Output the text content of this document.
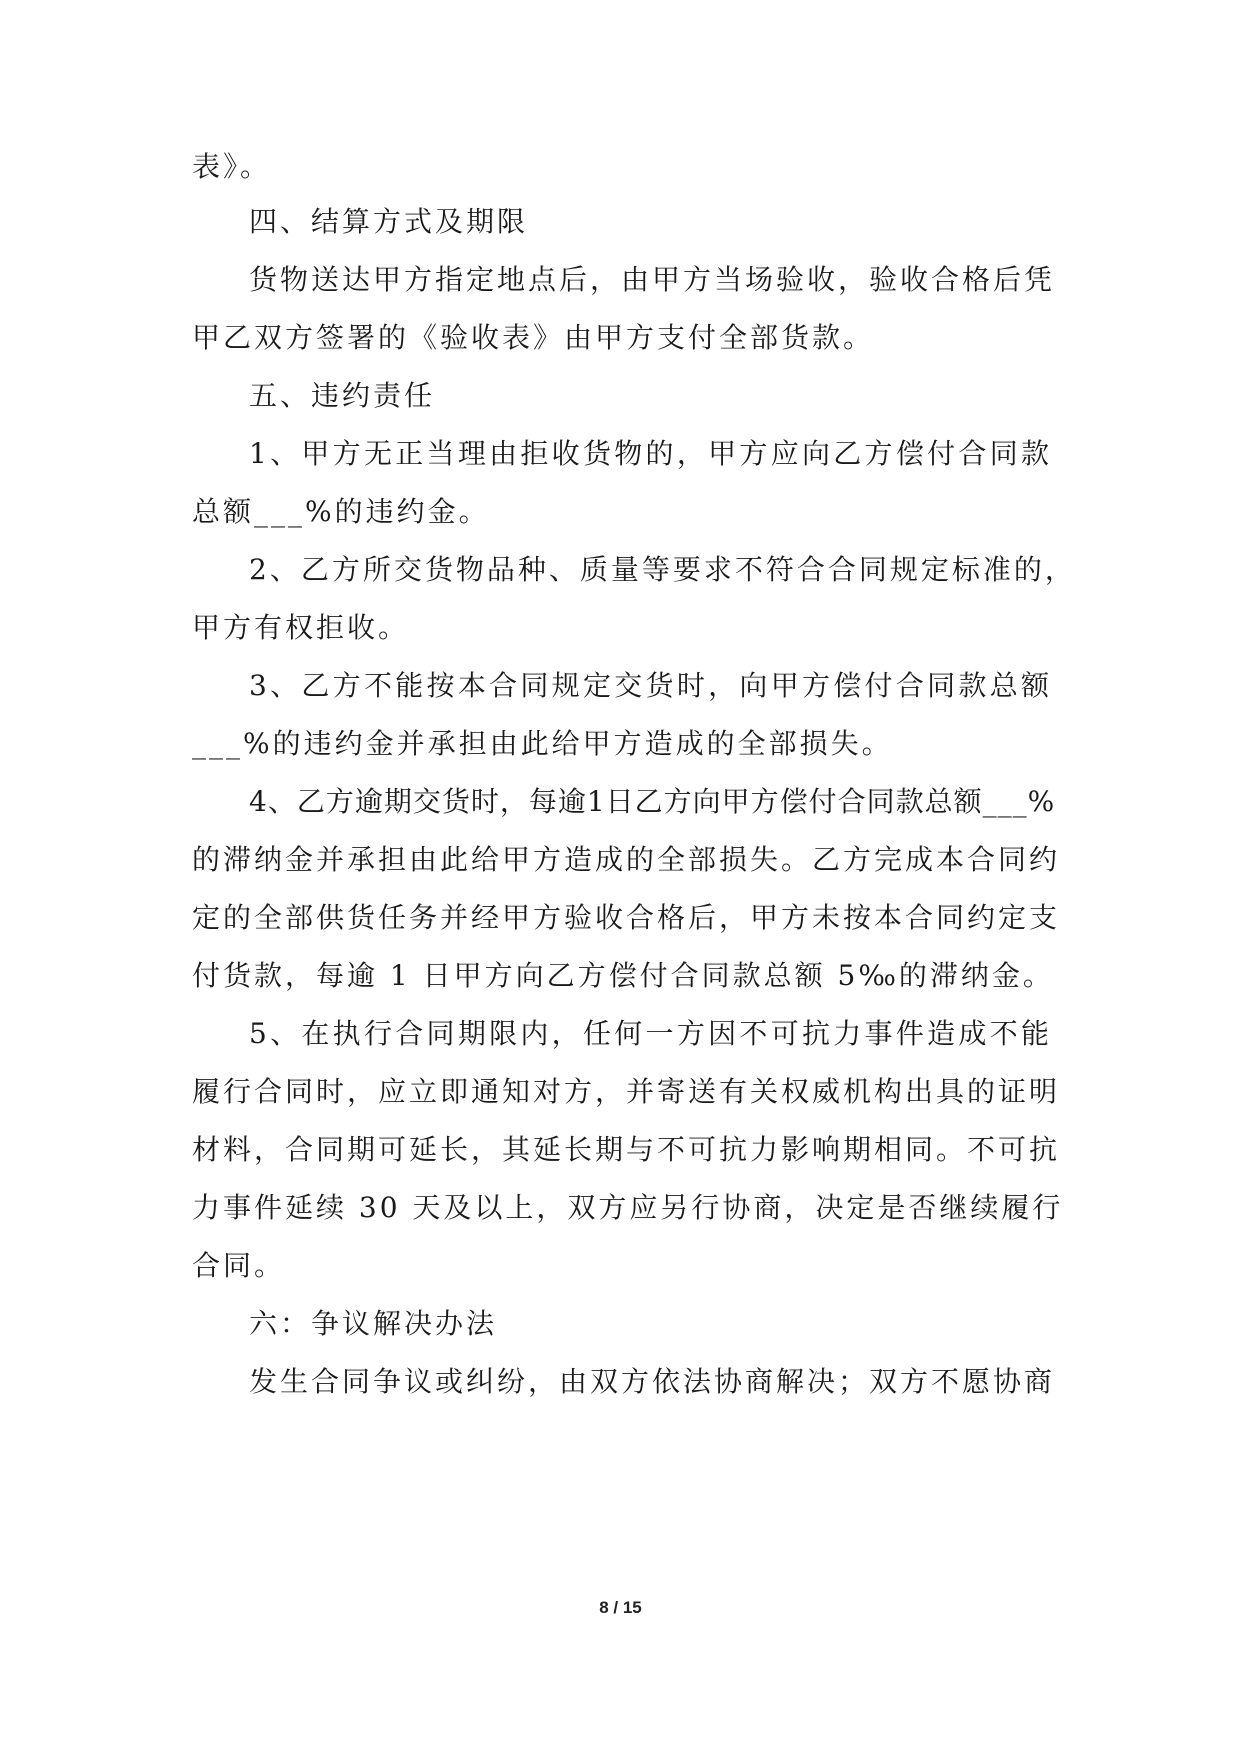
表》。
四、结算方式及期限
货物送达甲方指定地点后，由甲方当场验收，验收合格后凭
甲乙双方签署的《验收表》由甲方支付全部货款。
五、违约责任
1、甲方无正当理由拒收货物的，甲方应向乙方偿付合同款
总额___%的违约金。
2、乙方所交货物品种、质量等要求不符合合同规定标准的，
甲方有权拒收。
3、乙方不能按本合同规定交货时，向甲方偿付合同款总额
___%的违约金并承担由此给甲方造成的全部损失。
4、乙方逾期交货时，每逾1日乙方向甲方偿付合同款总额___%
的滞纳金并承担由此给甲方造成的全部损失。乙方完成本合同约
定的全部供货任务并经甲方验收合格后，甲方未按本合同约定支
付货款，每逾 1 日甲方向乙方偿付合同款总额 5‰的滞纳金。
5、在执行合同期限内，任何一方因不可抗力事件造成不能
履行合同时，应立即通知对方，并寄送有关权威机构出具的证明
材料，合同期可延长，其延长期与不可抗力影响期相同。不可抗
力事件延续 30 天及以上，双方应另行协商，决定是否继续履行
合同。
六：争议解决办法
发生合同争议或纠纷，由双方依法协商解决；双方不愿协商
8 / 15
